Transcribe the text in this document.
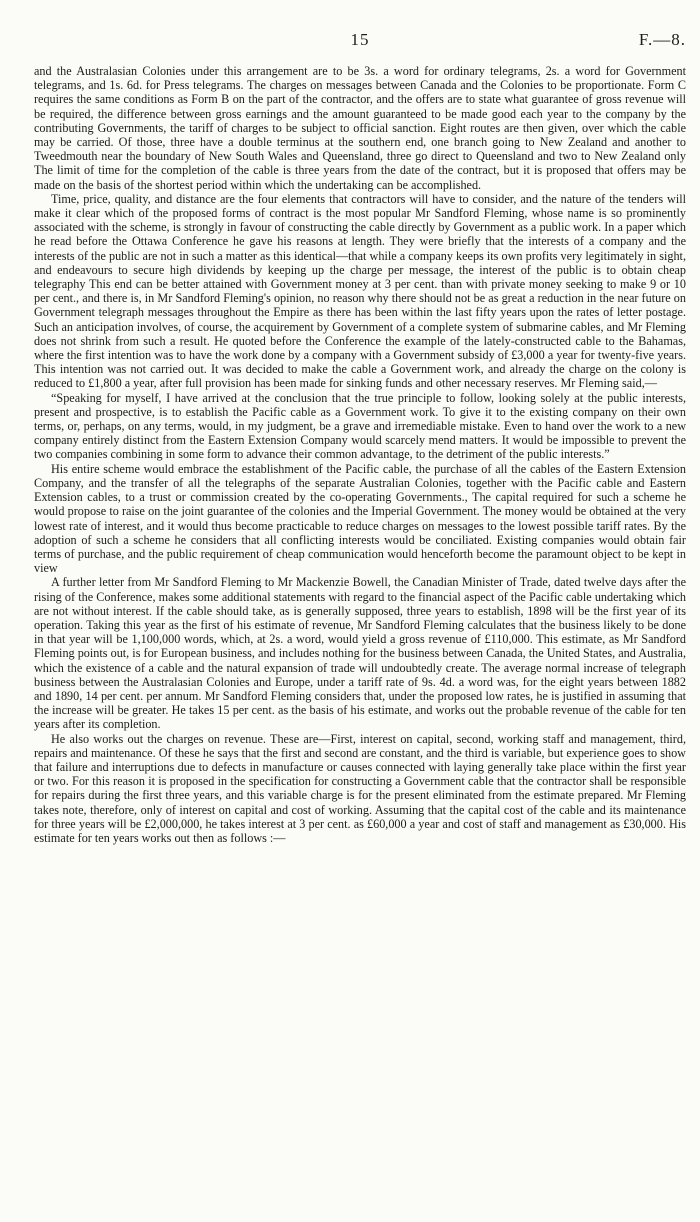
15	F.—8.

and the Australasian Colonies under this arrangement are to be 3s. a word for ordinary telegrams, 2s. a word for Government telegrams, and 1s. 6d. for Press telegrams. The charges on messages between Canada and the Colonies to be proportionate. Form C requires the same conditions as Form B on the part of the contractor, and the offers are to state what guarantee of gross revenue will be required, the difference between gross earnings and the amount guaranteed to be made good each year to the company by the contributing Governments, the tariff of charges to be subject to official sanction. Eight routes are then given, over which the cable may be carried. Of those, three have a double terminus at the southern end, one branch going to New Zealand and another to Tweedmouth near the boundary of New South Wales and Queensland, three go direct to Queensland and two to New Zealand only The limit of time for the completion of the cable is three years from the date of the contract, but it is proposed that offers may be made on the basis of the shortest period within which the undertaking can be accomplished.

Time, price, quality, and distance are the four elements that contractors will have to consider, and the nature of the tenders will make it clear which of the proposed forms of contract is the most popular Mr Sandford Fleming, whose name is so prominently associated with the scheme, is strongly in favour of constructing the cable directly by Government as a public work. In a paper which he read before the Ottawa Conference he gave his reasons at length. They were briefly that the interests of a company and the interests of the public are not in such a matter as this identical—that while a company keeps its own profits very legitimately in sight, and endeavours to secure high dividends by keeping up the charge per message, the interest of the public is to obtain cheap telegraphy This end can be better attained with Government money at 3 per cent. than with private money seeking to make 9 or 10 per cent., and there is, in Mr Sandford Fleming's opinion, no reason why there should not be as great a reduction in the near future on Government telegraph messages throughout the Empire as there has been within the last fifty years upon the rates of letter postage. Such an anticipation involves, of course, the acquirement by Government of a complete system of submarine cables, and Mr Fleming does not shrink from such a result. He quoted before the Conference the example of the lately-constructed cable to the Bahamas, where the first intention was to have the work done by a company with a Government subsidy of £3,000 a year for twenty-five years. This intention was not carried out. It was decided to make the cable a Government work, and already the charge on the colony is reduced to £1,800 a year, after full provision has been made for sinking funds and other necessary reserves. Mr Fleming said,—

“Speaking for myself, I have arrived at the conclusion that the true principle to follow, looking solely at the public interests, present and prospective, is to establish the Pacific cable as a Government work. To give it to the existing company on their own terms, or, perhaps, on any terms, would, in my judgment, be a grave and irremediable mistake. Even to hand over the work to a new company entirely distinct from the Eastern Extension Company would scarcely mend matters. It would be impossible to prevent the two companies combining in some form to advance their common advantage, to the detriment of the public interests.”

His entire scheme would embrace the establishment of the Pacific cable, the purchase of all the cables of the Eastern Extension Company, and the transfer of all the telegraphs of the separate Australian Colonies, together with the Pacific cable and Eastern Extension cables, to a trust or commission created by the co-operating Governments., The capital required for such a scheme he would propose to raise on the joint guarantee of the colonies and the Imperial Government. The money would be obtained at the very lowest rate of interest, and it would thus become practicable to reduce charges on messages to the lowest possible tariff rates. By the adoption of such a scheme he considers that all conflicting interests would be conciliated. Existing companies would obtain fair terms of purchase, and the public requirement of cheap communication would henceforth become the paramount object to be kept in view

A further letter from Mr Sandford Fleming to Mr Mackenzie Bowell, the Canadian Minister of Trade, dated twelve days after the rising of the Conference, makes some additional statements with regard to the financial aspect of the Pacific cable undertaking which are not without interest. If the cable should take, as is generally supposed, three years to establish, 1898 will be the first year of its operation. Taking this year as the first of his estimate of revenue, Mr Sandford Fleming calculates that the business likely to be done in that year will be 1,100,000 words, which, at 2s. a word, would yield a gross revenue of £110,000. This estimate, as Mr Sandford Fleming points out, is for European business, and includes nothing for the business between Canada, the United States, and Australia, which the existence of a cable and the natural expansion of trade will undoubtedly create. The average normal increase of telegraph business between the Australasian Colonies and Europe, under a tariff rate of 9s. 4d. a word was, for the eight years between 1882 and 1890, 14 per cent. per annum. Mr Sandford Fleming considers that, under the proposed low rates, he is justified in assuming that the increase will be greater. He takes 15 per cent. as the basis of his estimate, and works out the probable revenue of the cable for ten years after its completion.

He also works out the charges on revenue. These are—First, interest on capital, second, working staff and management, third, repairs and maintenance. Of these he says that the first and second are constant, and the third is variable, but experience goes to show that failure and interruptions due to defects in manufacture or causes connected with laying generally take place within the first year or two. For this reason it is proposed in the specification for constructing a Government cable that the contractor shall be responsible for repairs during the first three years, and this variable charge is for the present eliminated from the estimate prepared. Mr Fleming takes note, therefore, only of interest on capital and cost of working. Assuming that the capital cost of the cable and its maintenance for three years will be £2,000,000, he takes interest at 3 per cent. as £60,000 a year and cost of staff and management as £30,000. His estimate for ten years works out then as follows :—
